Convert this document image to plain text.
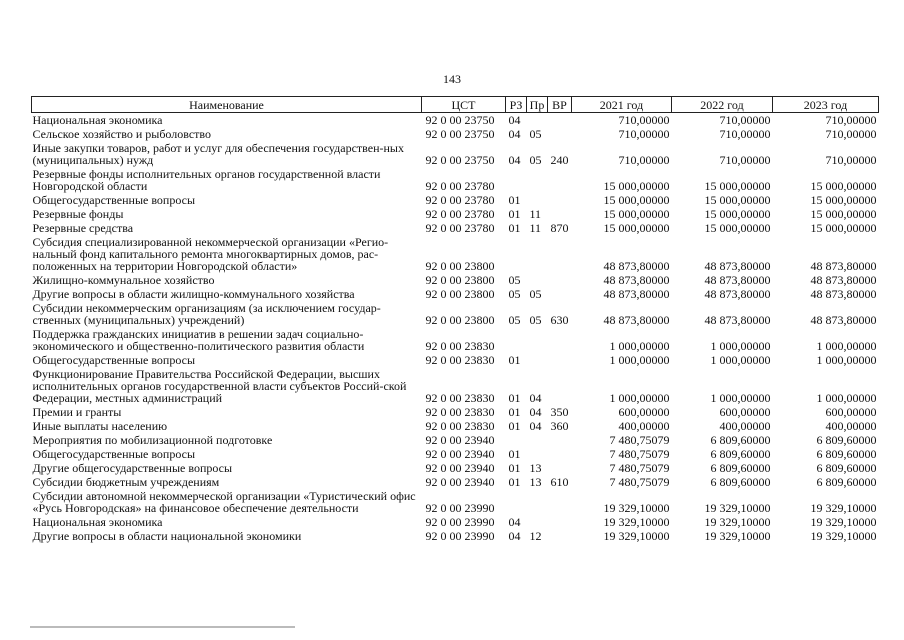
143
Наименование	ЦСТ	РЗ	Пр	ВР	2021 год	2022 год	2023 год
Национальная экономика	92 0 00 23750	04			710,00000	710,00000	710,00000
Сельское хозяйство и рыболовство	92 0 00 23750	04	05		710,00000	710,00000	710,00000
Иные закупки товаров, работ и услуг для обеспечения государствен-ных (муниципальных) нужд	92 0 00 23750	04	05	240	710,00000	710,00000	710,00000
Резервные фонды исполнительных органов государственной власти Новгородской области	92 0 00 23780				15 000,00000	15 000,00000	15 000,00000
Общегосударственные вопросы	92 0 00 23780	01			15 000,00000	15 000,00000	15 000,00000
Резервные фонды	92 0 00 23780	01	11		15 000,00000	15 000,00000	15 000,00000
Резервные средства	92 0 00 23780	01	11	870	15 000,00000	15 000,00000	15 000,00000
Субсидия специализированной некоммерческой организации «Регио-нальный фонд капитального ремонта многоквартирных домов, рас-положенных на территории Новгородской области»	92 0 00 23800				48 873,80000	48 873,80000	48 873,80000
Жилищно-коммунальное хозяйство	92 0 00 23800	05			48 873,80000	48 873,80000	48 873,80000
Другие вопросы в области жилищно-коммунального хозяйства	92 0 00 23800	05	05		48 873,80000	48 873,80000	48 873,80000
Субсидии некоммерческим организациям (за исключением государ-ственных (муниципальных) учреждений)	92 0 00 23800	05	05	630	48 873,80000	48 873,80000	48 873,80000
Поддержка гражданских инициатив в решении задач социально-экономического и общественно-политического развития области	92 0 00 23830				1 000,00000	1 000,00000	1 000,00000
Общегосударственные вопросы	92 0 00 23830	01			1 000,00000	1 000,00000	1 000,00000
Функционирование Правительства Российской Федерации, высших исполнительных органов государственной власти субъектов Россий-ской Федерации, местных администраций	92 0 00 23830	01	04		1 000,00000	1 000,00000	1 000,00000
Премии и гранты	92 0 00 23830	01	04	350	600,00000	600,00000	600,00000
Иные выплаты населению	92 0 00 23830	01	04	360	400,00000	400,00000	400,00000
Мероприятия по мобилизационной подготовке	92 0 00 23940				7 480,75079	6 809,60000	6 809,60000
Общегосударственные вопросы	92 0 00 23940	01			7 480,75079	6 809,60000	6 809,60000
Другие общегосударственные вопросы	92 0 00 23940	01	13		7 480,75079	6 809,60000	6 809,60000
Субсидии бюджетным учреждениям	92 0 00 23940	01	13	610	7 480,75079	6 809,60000	6 809,60000
Субсидии автономной некоммерческой организации «Туристический офис «Русь Новгородская» на финансовое обеспечение деятельности	92 0 00 23990				19 329,10000	19 329,10000	19 329,10000
Национальная экономика	92 0 00 23990	04			19 329,10000	19 329,10000	19 329,10000
Другие вопросы в области национальной экономики	92 0 00 23990	04	12		19 329,10000	19 329,10000	19 329,10000
